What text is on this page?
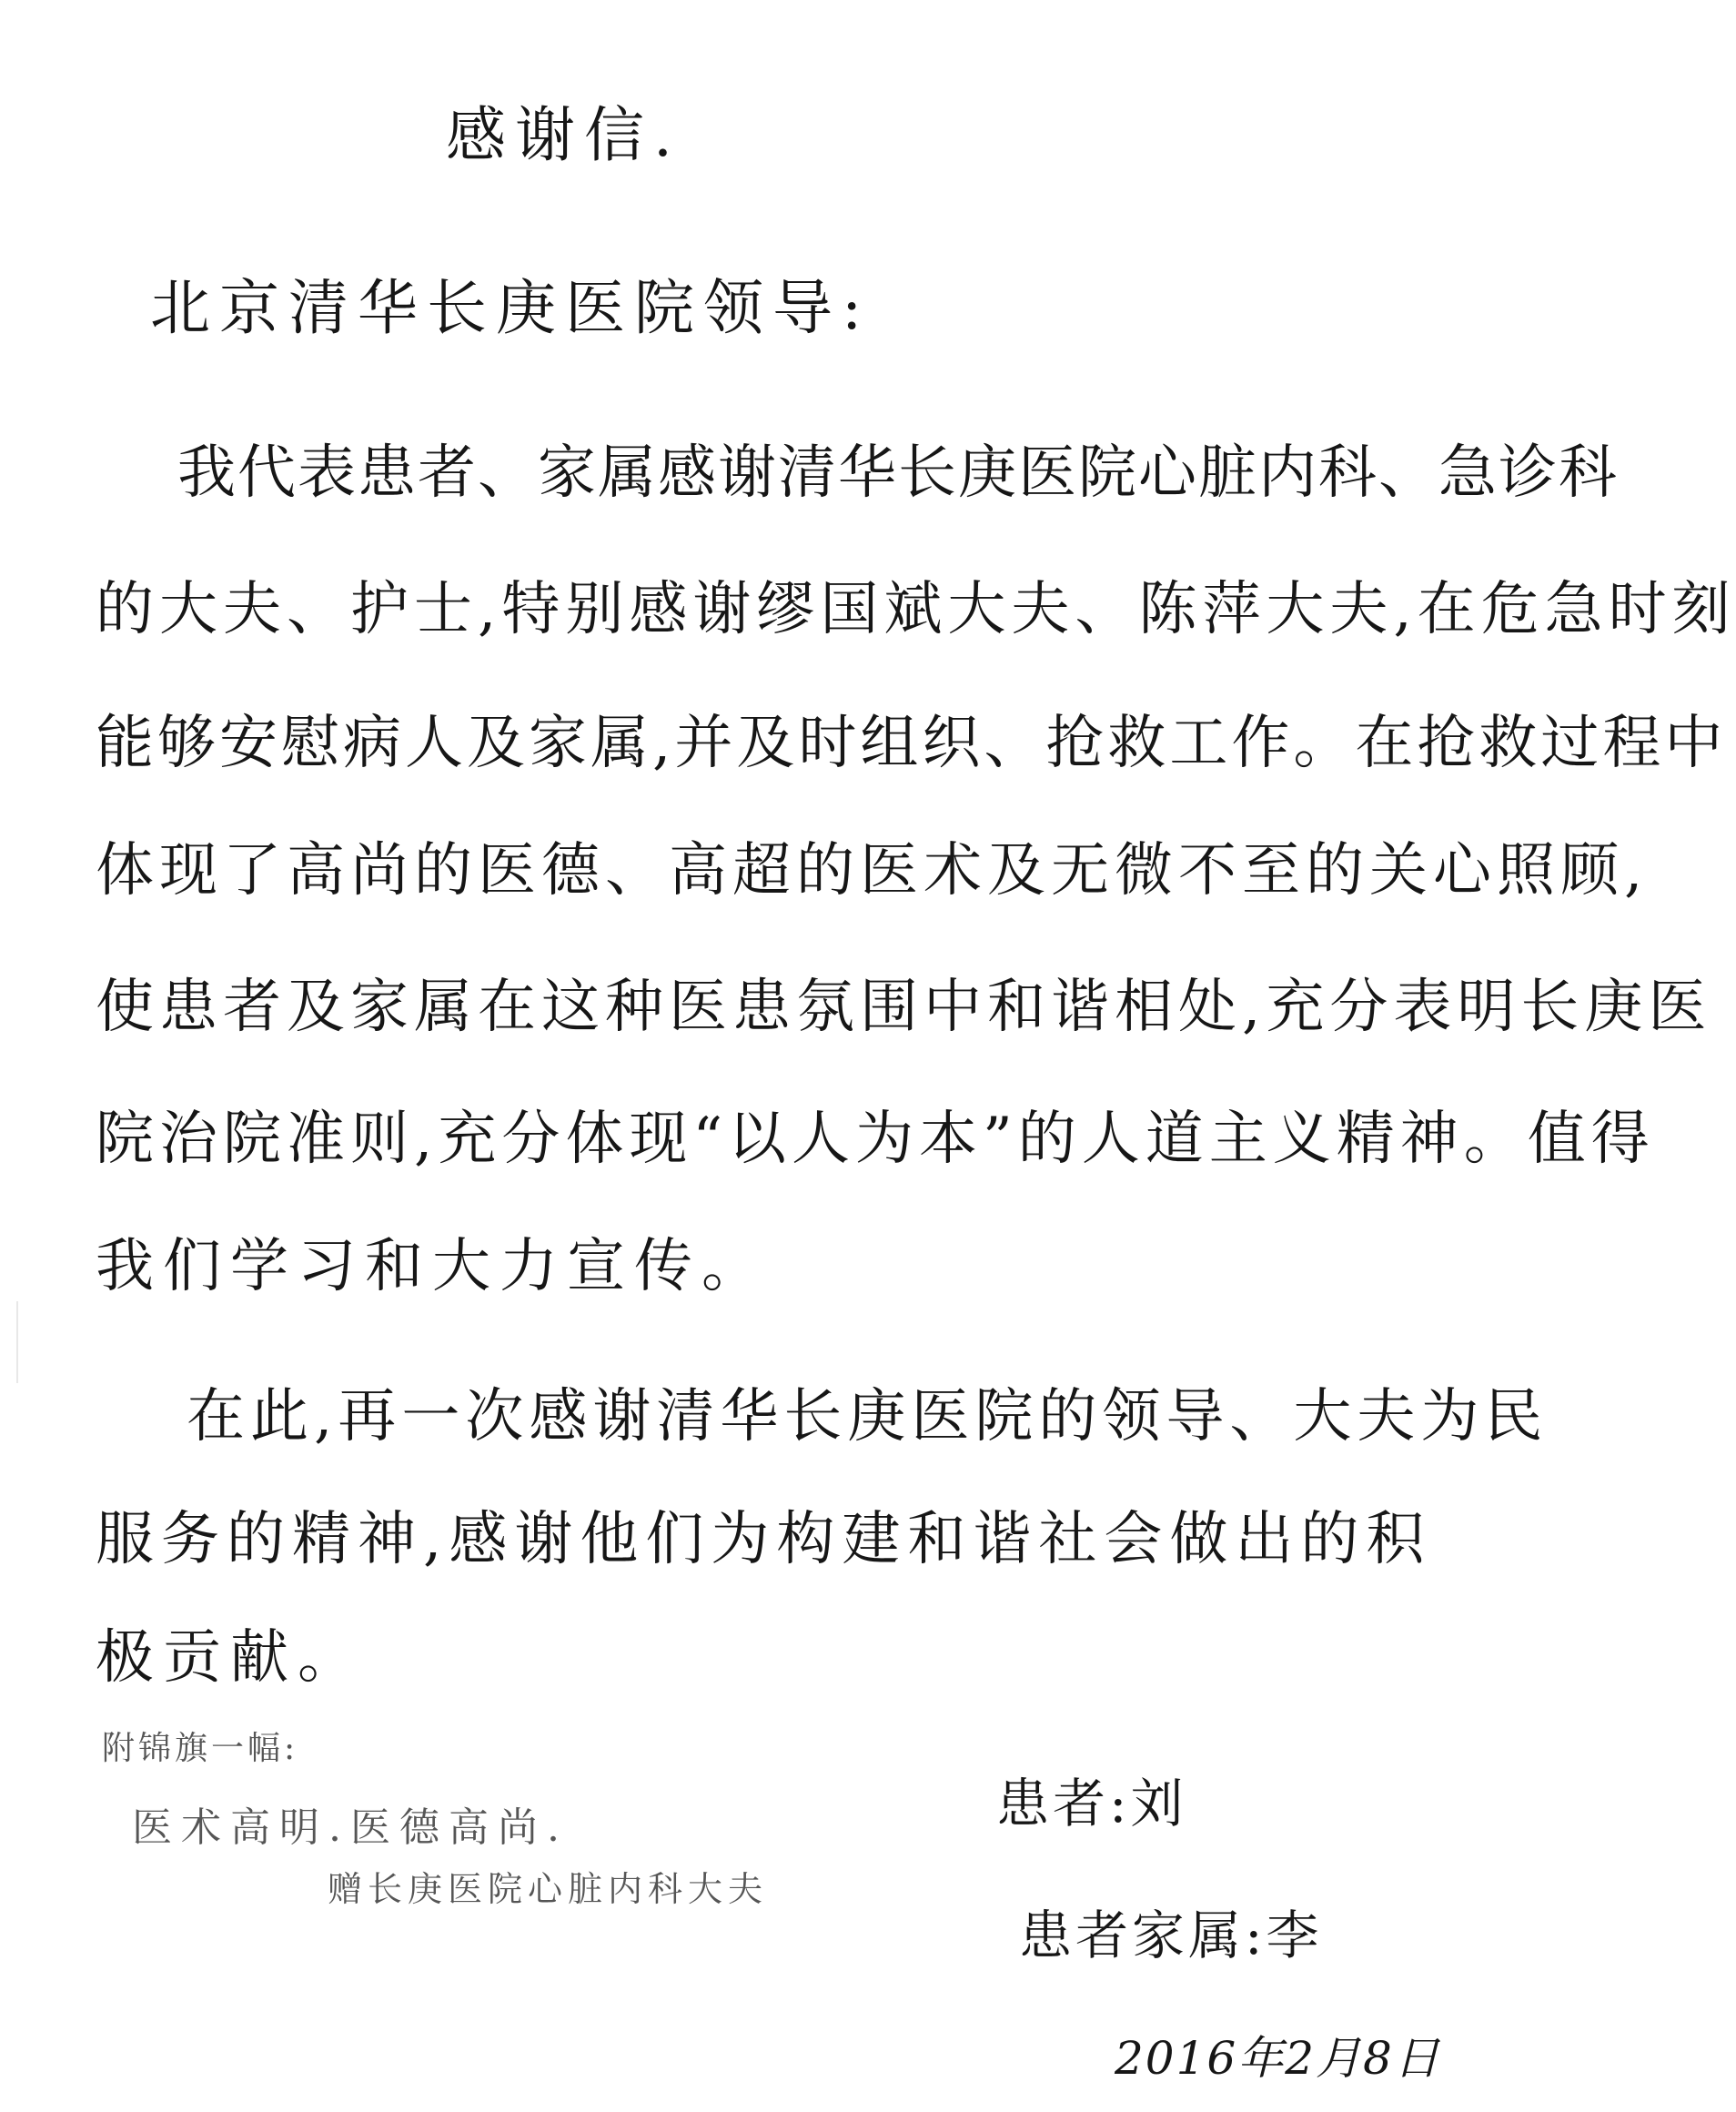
感谢信.
北京清华长庚医院领导:
我代表患者、家属感谢清华长庚医院心脏内科、急诊科
的大夫、护士,特别感谢缪国斌大夫、陈萍大夫,在危急时刻
能够安慰病人及家属,并及时组织、抢救工作。在抢救过程中
体现了高尚的医德、高超的医术及无微不至的关心照顾,
使患者及家属在这种医患氛围中和谐相处,充分表明长庚医
院治院准则,充分体现“以人为本”的人道主义精神。值得
我们学习和大力宣传。
在此,再一次感谢清华长庚医院的领导、大夫为民
服务的精神,感谢他们为构建和谐社会做出的积
极贡献。
附锦旗一幅:
医术高明.医德高尚.
赠长庚医院心脏内科大夫
患者:刘
患者家属:李
2016年2月8日
